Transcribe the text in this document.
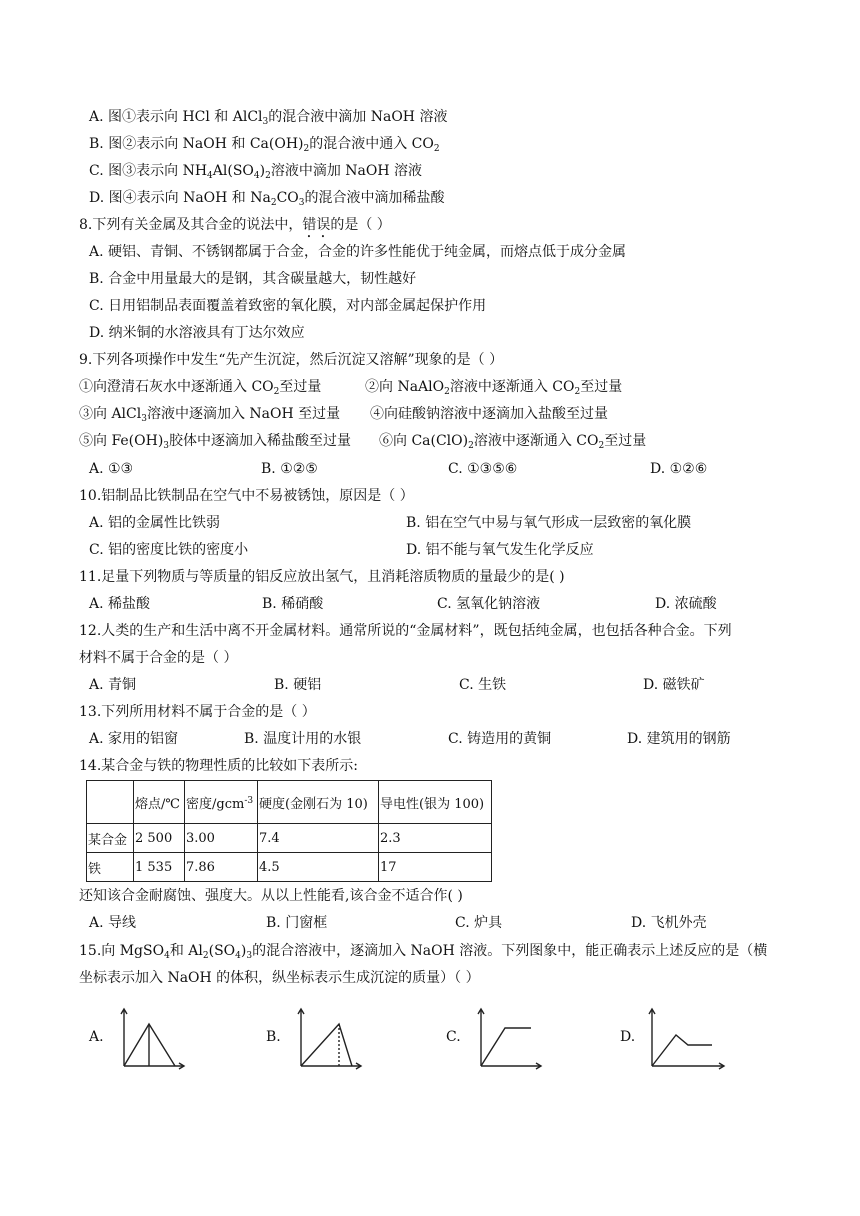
A. 图①表示向 HCl 和 AlCl$_3$的混合液中滴加 NaOH 溶液
B. 图②表示向 NaOH 和 $Ca(OH)_2$的混合液中通入 $CO_2$
C. 图③表示向 $NH_4Al(SO_4)_2$溶液中滴加 NaOH 溶液
D. 图④表示向 NaOH 和 $Na_2CO_3$的混合液中滴加稀盐酸
8.下列有关金属及其合金的说法中，错误的是（ ）
A. 硬铝、青铜、不锈钢都属于合金，合金的许多性能优于纯金属，而熔点低于成分金属
B. 合金中用量最大的是钢，其含碳量越大，韧性越好
C. 日用铝制品表面覆盖着致密的氧化膜，对内部金属起保护作用
D. 纳米铜的水溶液具有丁达尔效应
9.下列各项操作中发生“先产生沉淀，然后沉淀又溶解”现象的是（ ）
①向澄清石灰水中逐渐通入 $CO_2$至过量	②向 NaAlO$_2$溶液中逐渐通入 $CO_2$至过量
③向 AlCl$_3$溶液中逐滴加入 NaOH 至过量 ④向硅酸钠溶液中逐滴加入盐酸至过量
⑤向 $Fe(OH)_3$胶体中逐滴加入稀盐酸至过量 ⑥向 $Ca(ClO)_2$溶液中逐渐通入 $CO_2$至过量
A. ①③	B. ①②⑤	C. ①③⑤⑥	D. ①②⑥
10.铝制品比铁制品在空气中不易被锈蚀，原因是（ ）
A. 铝的金属性比铁弱	B. 铝在空气中易与氧气形成一层致密的氧化膜
C. 铝的密度比铁的密度小	D. 铝不能与氧气发生化学反应
11.足量下列物质与等质量的铝反应放出氢气，且消耗溶质物质的量最少的是( )
A. 稀盐酸	B. 稀硝酸	C. 氢氧化钠溶液	D. 浓硫酸
12.人类的生产和生活中离不开金属材料。通常所说的“金属材料”，既包括纯金属，也包括各种合金。下列
材料不属于合金的是（ ）
A. 青铜	B. 硬铝	C. 生铁	D. 磁铁矿
13.下列所用材料不属于合金的是（ ）
A. 家用的铝窗	B. 温度计用的水银	C. 铸造用的黄铜	D. 建筑用的钢筋
14.某合金与铁的物理性质的比较如下表所示:
	熔点/℃	密度/gcm$^{-3}$	硬度(金刚石为 10)	导电性(银为 100)
某合金	2 500	3.00	7.4	2.3
铁	1 535	7.86	4.5	17
还知该合金耐腐蚀、强度大。从以上性能看,该合金不适合作( )
A. 导线	B. 门窗框	C. 炉具	D. 飞机外壳
15.向 MgSO$_4$和 $Al_2(SO_4)_3$的混合溶液中，逐滴加入 NaOH 溶液。下列图象中，能正确表示上述反应的是（横
坐标表示加入 NaOH 的体积，纵坐标表示生成沉淀的质量）（ ）
A.	B.	C.	D.
